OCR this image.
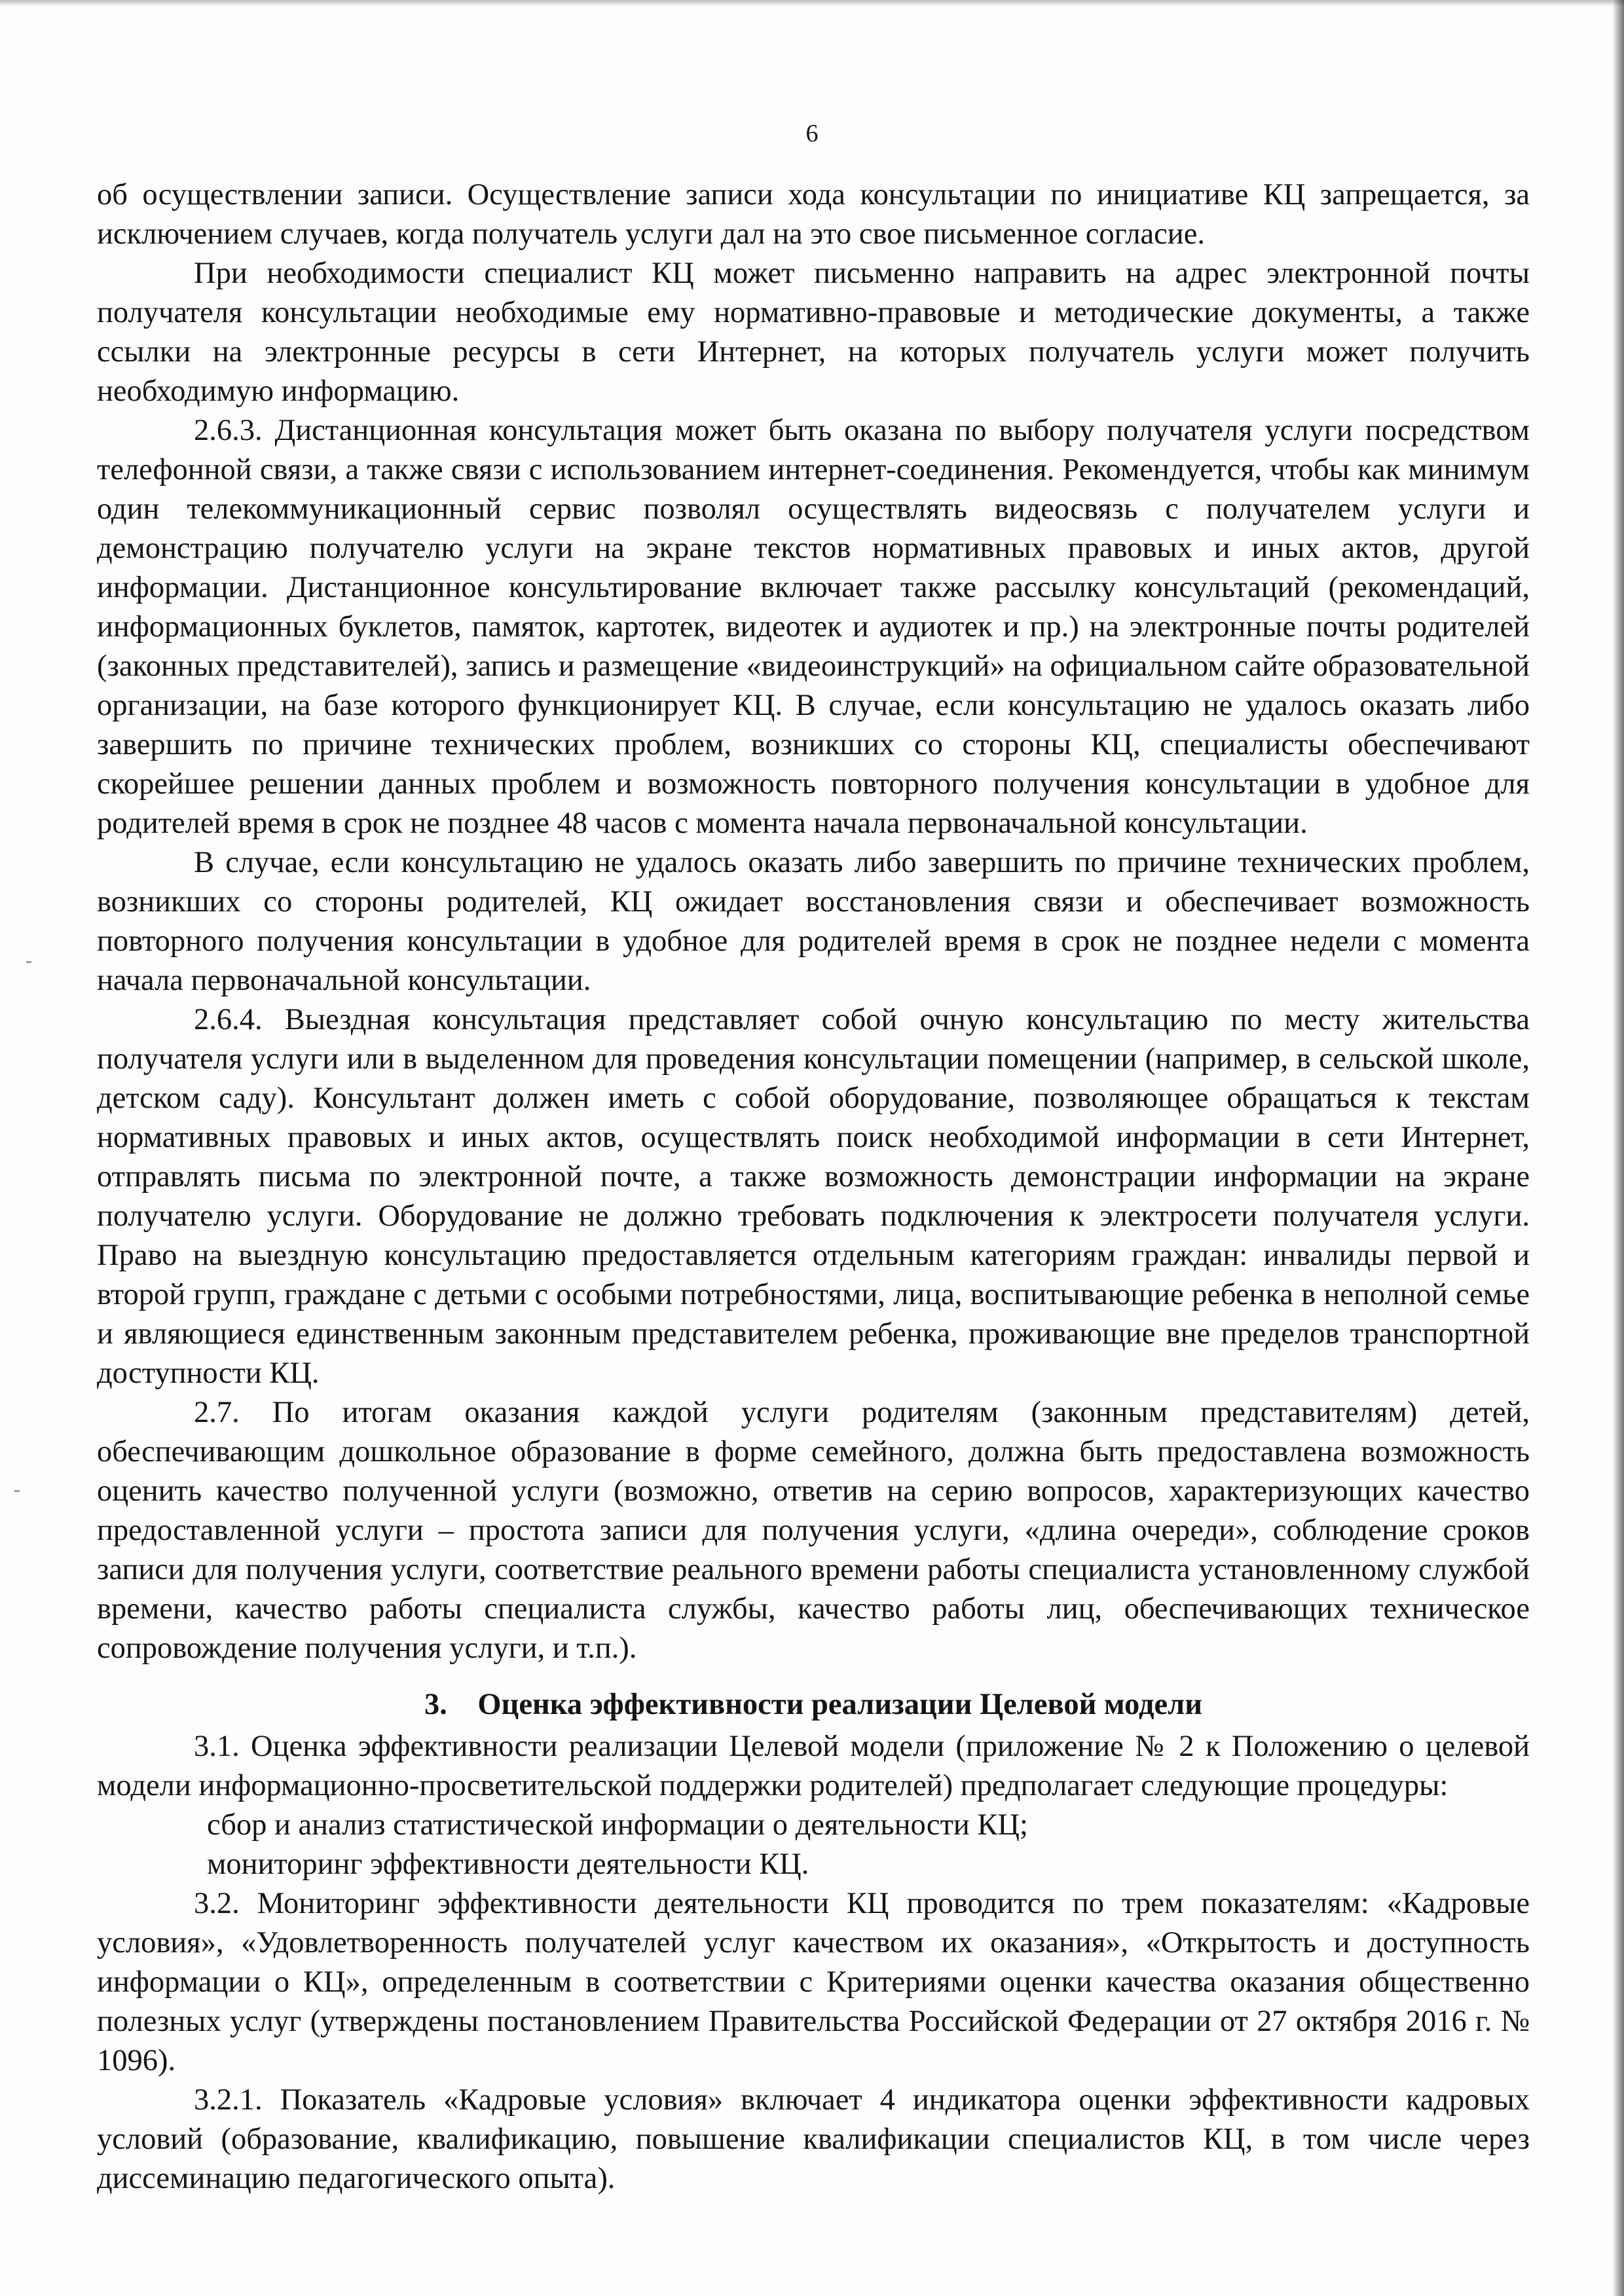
6

об осуществлении записи. Осуществление записи хода консультации по инициативе КЦ запрещается, за исключением случаев, когда получатель услуги дал на это свое письменное согласие.

При необходимости специалист КЦ может письменно направить на адрес электронной почты получателя консультации необходимые ему нормативно-правовые и методические документы, а также ссылки на электронные ресурсы в сети Интернет, на которых получатель услуги может получить необходимую информацию.

2.6.3. Дистанционная консультация может быть оказана по выбору получателя услуги посредством телефонной связи, а также связи с использованием интернет-соединения. Рекомендуется, чтобы как минимум один телекоммуникационный сервис позволял осуществлять видеосвязь с получателем услуги и демонстрацию получателю услуги на экране текстов нормативных правовых и иных актов, другой информации. Дистанционное консультирование включает также рассылку консультаций (рекомендаций, информационных буклетов, памяток, картотек, видеотек и аудиотек и пр.) на электронные почты родителей (законных представителей), запись и размещение «видеоинструкций» на официальном сайте образовательной организации, на базе которого функционирует КЦ. В случае, если консультацию не удалось оказать либо завершить по причине технических проблем, возникших со стороны КЦ, специалисты обеспечивают скорейшее решении данных проблем и возможность повторного получения консультации в удобное для родителей время в срок не позднее 48 часов с момента начала первоначальной консультации.

В случае, если консультацию не удалось оказать либо завершить по причине технических проблем, возникших со стороны родителей, КЦ ожидает восстановления связи и обеспечивает возможность повторного получения консультации в удобное для родителей время в срок не позднее недели с момента начала первоначальной консультации.

2.6.4. Выездная консультация представляет собой очную консультацию по месту жительства получателя услуги или в выделенном для проведения консультации помещении (например, в сельской школе, детском саду). Консультант должен иметь с собой оборудование, позволяющее обращаться к текстам нормативных правовых и иных актов, осуществлять поиск необходимой информации в сети Интернет, отправлять письма по электронной почте, а также возможность демонстрации информации на экране получателю услуги. Оборудование не должно требовать подключения к электросети получателя услуги. Право на выездную консультацию предоставляется отдельным категориям граждан: инвалиды первой и второй групп, граждане с детьми с особыми потребностями, лица, воспитывающие ребенка в неполной семье и являющиеся единственным законным представителем ребенка, проживающие вне пределов транспортной доступности КЦ.

2.7. По итогам оказания каждой услуги родителям (законным представителям) детей, обеспечивающим дошкольное образование в форме семейного, должна быть предоставлена возможность оценить качество полученной услуги (возможно, ответив на серию вопросов, характеризующих качество предоставленной услуги – простота записи для получения услуги, «длина очереди», соблюдение сроков записи для получения услуги, соответствие реального времени работы специалиста установленному службой времени, качество работы специалиста службы, качество работы лиц, обеспечивающих техническое сопровождение получения услуги, и т.п.).

3.    Оценка эффективности реализации Целевой модели

3.1. Оценка эффективности реализации Целевой модели (приложение № 2 к Положению о целевой модели информационно-просветительской поддержки родителей) предполагает следующие процедуры:

сбор и анализ статистической информации о деятельности КЦ;

мониторинг эффективности деятельности КЦ.

3.2. Мониторинг эффективности деятельности КЦ проводится по трем показателям: «Кадровые условия», «Удовлетворенность получателей услуг качеством их оказания», «Открытость и доступность информации о КЦ», определенным в соответствии с Критериями оценки качества оказания общественно полезных услуг (утверждены постановлением Правительства Российской Федерации от 27 октября 2016 г. № 1096).

3.2.1. Показатель «Кадровые условия» включает 4 индикатора оценки эффективности кадровых условий (образование, квалификацию, повышение квалификации специалистов КЦ, в том числе через диссеминацию педагогического опыта).
